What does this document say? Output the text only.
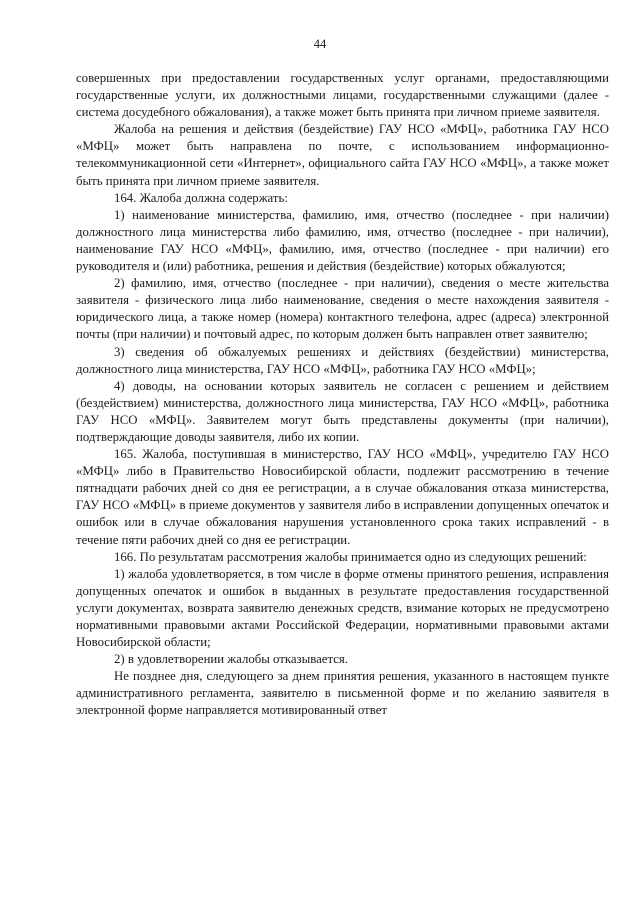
44

совершенных при предоставлении государственных услуг органами, предоставляющими государственные услуги, их должностными лицами, государственными служащими (далее - система досудебного обжалования), а также может быть принята при личном приеме заявителя.

Жалоба на решения и действия (бездействие) ГАУ НСО «МФЦ», работника ГАУ НСО «МФЦ» может быть направлена по почте, с использованием информационно-телекоммуникационной сети «Интернет», официального сайта ГАУ НСО «МФЦ», а также может быть принята при личном приеме заявителя.

164. Жалоба должна содержать:

1) наименование министерства, фамилию, имя, отчество (последнее - при наличии) должностного лица министерства либо фамилию, имя, отчество (последнее - при наличии), наименование ГАУ НСО «МФЦ», фамилию, имя, отчество (последнее - при наличии) его руководителя и (или) работника, решения и действия (бездействие) которых обжалуются;

2) фамилию, имя, отчество (последнее - при наличии), сведения о месте жительства заявителя - физического лица либо наименование, сведения о месте нахождения заявителя - юридического лица, а также номер (номера) контактного телефона, адрес (адреса) электронной почты (при наличии) и почтовый адрес, по которым должен быть направлен ответ заявителю;

3) сведения об обжалуемых решениях и действиях (бездействии) министерства, должностного лица министерства, ГАУ НСО «МФЦ», работника ГАУ НСО «МФЦ»;

4) доводы, на основании которых заявитель не согласен с решением и действием (бездействием) министерства, должностного лица министерства, ГАУ НСО «МФЦ», работника ГАУ НСО «МФЦ». Заявителем могут быть представлены документы (при наличии), подтверждающие доводы заявителя, либо их копии.

165. Жалоба, поступившая в министерство, ГАУ НСО «МФЦ», учредителю ГАУ НСО «МФЦ» либо в Правительство Новосибирской области, подлежит рассмотрению в течение пятнадцати рабочих дней со дня ее регистрации, а в случае обжалования отказа министерства, ГАУ НСО «МФЦ» в приеме документов у заявителя либо в исправлении допущенных опечаток и ошибок или в случае обжалования нарушения установленного срока таких исправлений - в течение пяти рабочих дней со дня ее регистрации.

166. По результатам рассмотрения жалобы принимается одно из следующих решений:

1) жалоба удовлетворяется, в том числе в форме отмены принятого решения, исправления допущенных опечаток и ошибок в выданных в результате предоставления государственной услуги документах, возврата заявителю денежных средств, взимание которых не предусмотрено нормативными правовыми актами Российской Федерации, нормативными правовыми актами Новосибирской области;

2) в удовлетворении жалобы отказывается.

Не позднее дня, следующего за днем принятия решения, указанного в настоящем пункте административного регламента, заявителю в письменной форме и по желанию заявителя в электронной форме направляется мотивированный ответ
